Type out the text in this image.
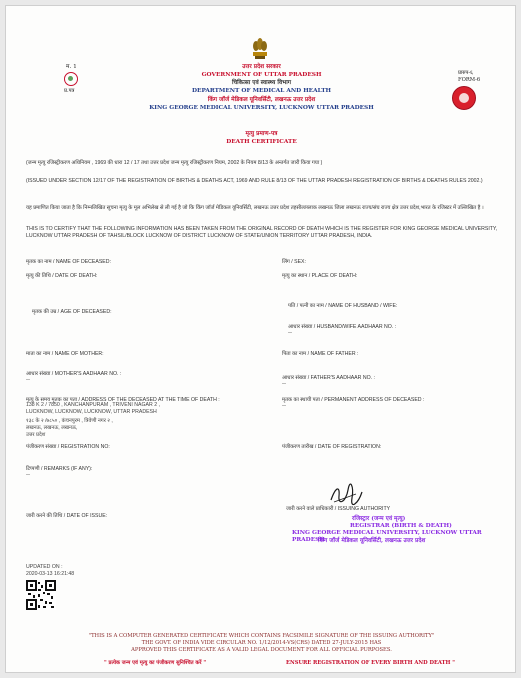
म. 1
प्र.पत्र
उत्तर प्रदेश सरकार
GOVERNMENT OF UTTAR PRADESH
चिकित्सा एवं स्वास्थ्य विभाग
DEPARTMENT OF MEDICAL AND HEALTH
किंग जॉर्ज मेडिकल यूनिवर्सिटी, लखनऊ उत्तर प्रदेश
KING GEORGE MEDICAL UNIVERSITY, LUCKNOW UTTAR PRADESH
प्रारुप-६
FORM-6
मृत्यु प्रमाण-पत्र
DEATH CERTIFICATE
(जन्म मृत्यु रजिस्ट्रीकरण अधिनियम , 1969 की धारा 12 / 17 तथा उत्तर प्रदेश जन्म मृत्यु रजिस्ट्रीकरण नियम, 2002 के नियम 8/13 के अन्तर्गत जारी किया गया )
(ISSUED UNDER SECTION 12/17 OF THE REGISTRATION OF BIRTHS & DEATHS ACT, 1969 AND RULE 8/13 OF THE UTTAR PRADESH REGISTRATION OF BIRTHS & DEATHS RULES 2002.)
यह प्रमाणित किया जाता है कि निम्नलिखित सूचना मृत्यु के मूल अभिलेख से ली गई है जो कि किंग जॉर्ज मेडिकल यूनिवर्सिटी, लखनऊ उत्तर प्रदेश तहसील/ब्लाक लखनऊ जिला लखनऊ राज्य/संघ राज्य क्षेत्र उत्तर प्रदेश,भारत के रजिस्टर में उल्लिखित है ।
THIS IS TO CERTIFY THAT THE FOLLOWING INFORMATION HAS BEEN TAKEN FROM THE ORIGINAL RECORD OF DEATH WHICH IS THE REGISTER FOR KING GEORGE MEDICAL UNIVERSITY, LUCKNOW UTTAR PRADESH OF TAHSIL/BLOCK LUCKNOW OF DISTRICT LUCKNOW OF STATE/UNION TERRITORY UTTAR PRADESH, INDIA.
मृतक का नाम / NAME OF DECEASED:	लिंग / SEX:
मृत्यु की तिथि / DATE OF DEATH:	मृत्यु का स्थान / PLACE OF DEATH:
पति / पत्नी का नाम / NAME OF HUSBAND / WIFE:
मृतक की उम्र / AGE OF DECEASED:
आधार संख्या / HUSBAND/WIFE AADHAAR NO. :
--
माता का नाम / NAME OF MOTHER:	पिता का नाम / NAME OF FATHER :
आधार संख्या / MOTHER'S AADHAAR NO. :
--	आधार संख्या / FATHER'S AADHAAR NO. :
--
मृत्यु के समय मृतक का पता / ADDRESS OF THE DECEASED AT THE TIME OF DEATH :
138 K 2 / 7850 , KANCHANPURAM , TRIVENI NAGAR 2 ,
LUCKNOW, LUCKNOW, LUCKNOW, UTTAR PRADESH
१३८ के २ /७८५० , कंचनपुरम , त्रिवेणी नगर २ ,
लखनऊ, लखनऊ, लखनऊ,
उत्तर प्रदेश
मृतक का स्थायी पता / PERMANENT ADDRESS OF DECEASED :
--
पंजीकरण संख्या / REGISTRATION NO:	पंजीकरण तारीख / DATE OF REGISTRATION:
टिप्पणी / REMARKS (IF ANY):
--
जारी करने की तिथि / DATE OF ISSUE:
जारी करने वाले प्राधिकारी / ISSUING AUTHORITY
रजिस्ट्रार (जन्म एवं मृत्यु)
REGISTRAR (BIRTH & DEATH)
KING GEORGE MEDICAL UNIVERSITY, LUCKNOW UTTAR PRADESH
किंग जॉर्ज मेडिकल यूनिवर्सिटी, लखनऊ उत्तर प्रदेश
UPDATED ON :
2020-03-13 16:21:48
"THIS IS A COMPUTER GENERATED CERTIFICATE WHICH CONTAINS FACSIMILE SIGNATURE OF THE ISSUING AUTHORITY"
THE GOVT. OF INDIA VIDE CIRCULAR NO. 1/12/2014-VS(CRS) DATED 27-JULY-2015 HAS
APPROVED THIS CERTIFICATE AS A VALID LEGAL DOCUMENT FOR ALL OFFICIAL PURPOSES.
" प्रत्येक जन्म एवं मृत्यु का पंजीकरण सुनिश्चित करें "	ENSURE REGISTRATION OF EVERY BIRTH AND DEATH "
